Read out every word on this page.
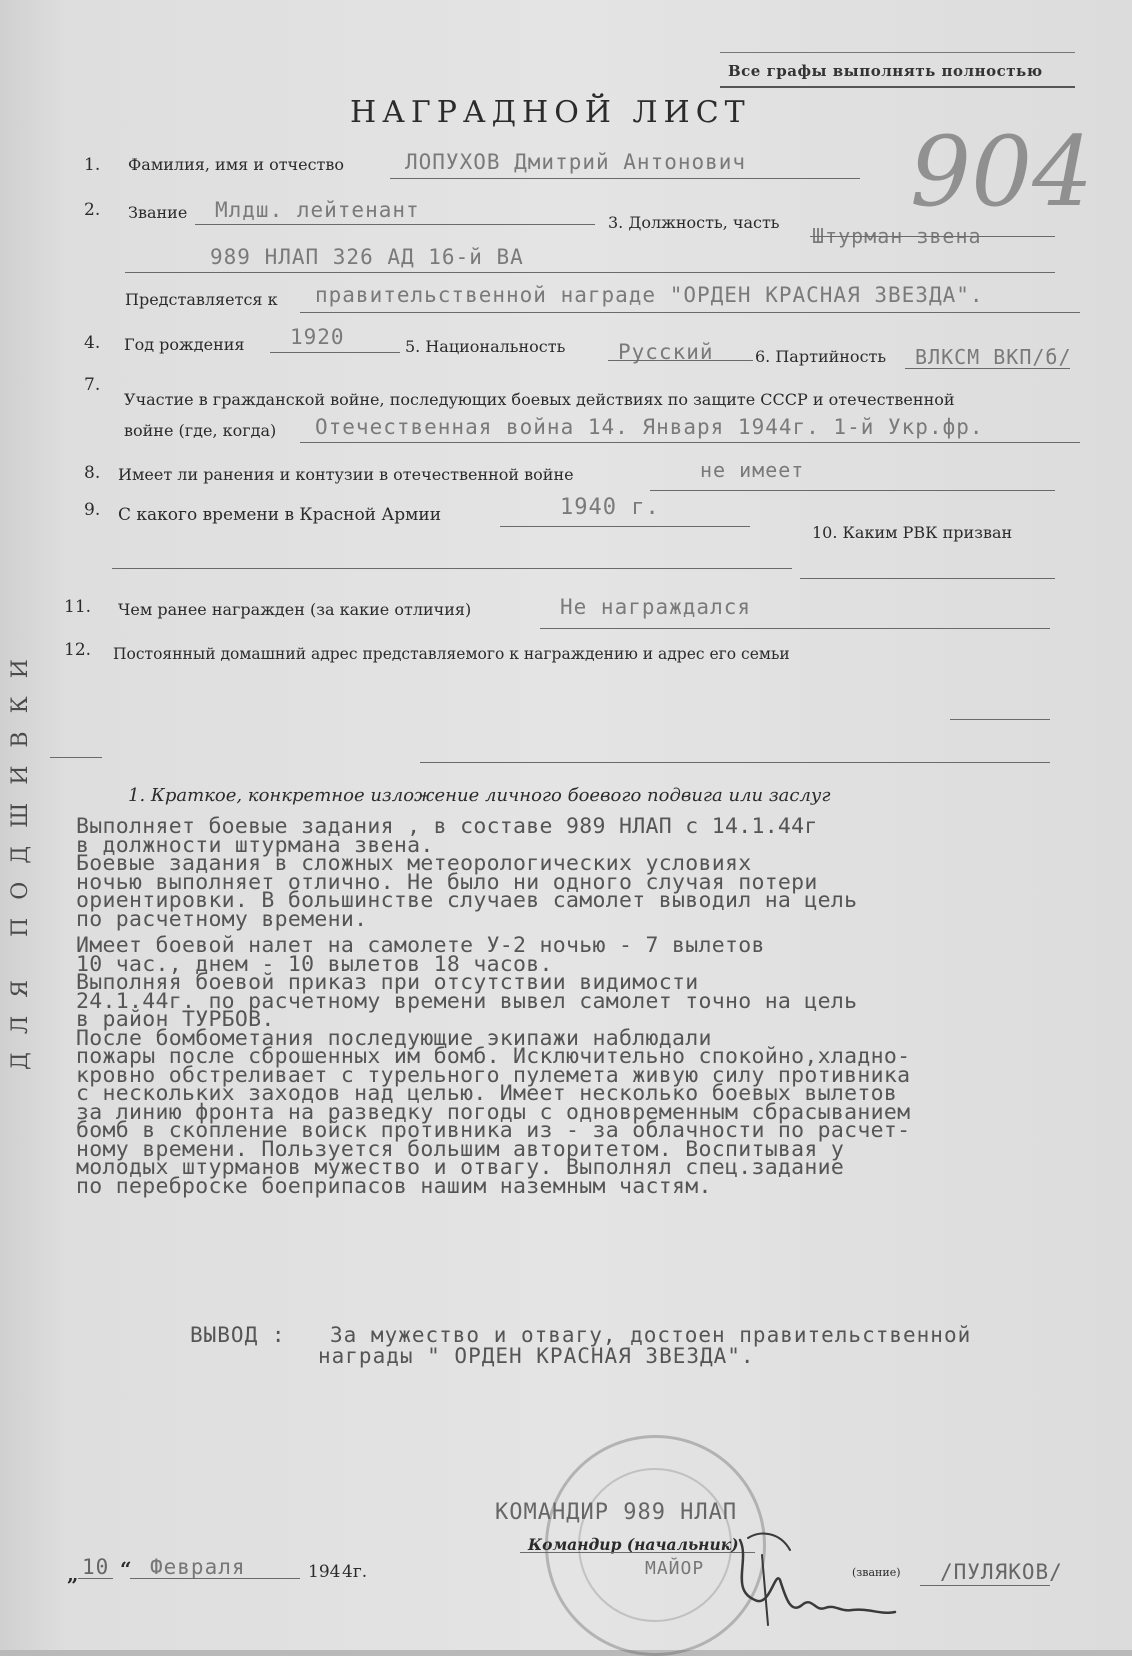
Все графы выполнять полностью
НАГРАДНОЙ ЛИСТ
904
1. Фамилия, имя и отчество	ЛОПУХОВ Дмитрий Антонович
2. Звание Млдш. лейтенант
3. Должность, часть
Штурман звена
989 НЛАП 326 АД 16-й ВА
Представляется к правительственной награде "ОРДЕН КРАСНАЯ ЗВЕЗДА".
4. Год рождения 1920	5. Национальность	Русский	6. Партийность ВЛКСМ ВКП/б/
7.
Участие в гражданской войне, последующих боевых действиях по защите СССР и отечественной
войне (где, когда) Отечественная война 14. Января 1944г. 1-й Укр.фр.
8. Имеет ли ранения и контузии в отечественной войне	не имеет
9. С какого времени в Красной Армии	1940 г.
10. Каким РВК призван
11. Чем ранее награжден (за какие отличия)	Не награждался
12. Постоянный домашний адрес представляемого к награждению и адрес его семьи
1. Краткое, конкретное изложение личного боевого подвига или заслуг
Выполняет боевые задания , в составе 989 НЛАП с 14.1.44г
в должности штурмана звена.
Боевые задания в сложных метеорологических условиях
ночью выполняет отлично. Не было ни одного случая потери
ориентировки. В большинстве случаев самолет выводил на цель
по расчетному времени.
Имеет боевой налет на самолете У-2 ночью - 7 вылетов
10 час., днем - 10 вылетов 18 часов.
Выполняя боевой приказ при отсутствии видимости
24.1.44г. по расчетному времени вывел самолет точно на цель
в район ТУРБОВ.
После бомбометания последующие экипажи наблюдали
пожары после сброшенных им бомб. Исключительно спокойно,хладно-
кровно обстреливает с турельного пулемета живую силу противника
с нескольких заходов над целью. Имеет несколько боевых вылетов
за линию фронта на разведку погоды с одновременным сбрасыванием
бомб в скопление войск противника из - за облачности по расчет-
ному времени. Пользуется большим авторитетом. Воспитывая у
молодых штурманов мужество и отвагу. Выполнял спец.задание
по переброске боеприпасов нашим наземным частям.
ВЫВОД : За мужество и отвагу, достоен правительственной
награды " ОРДЕН КРАСНАЯ ЗВЕЗДА".
КОМАНДИР 989 НЛАП
Командир (начальник)
МАЙОР	(звание) /ПУЛЯКОВ/
„ 10 “ Февраля	194 4г.
ДЛЯ ПОДШИВКИ
